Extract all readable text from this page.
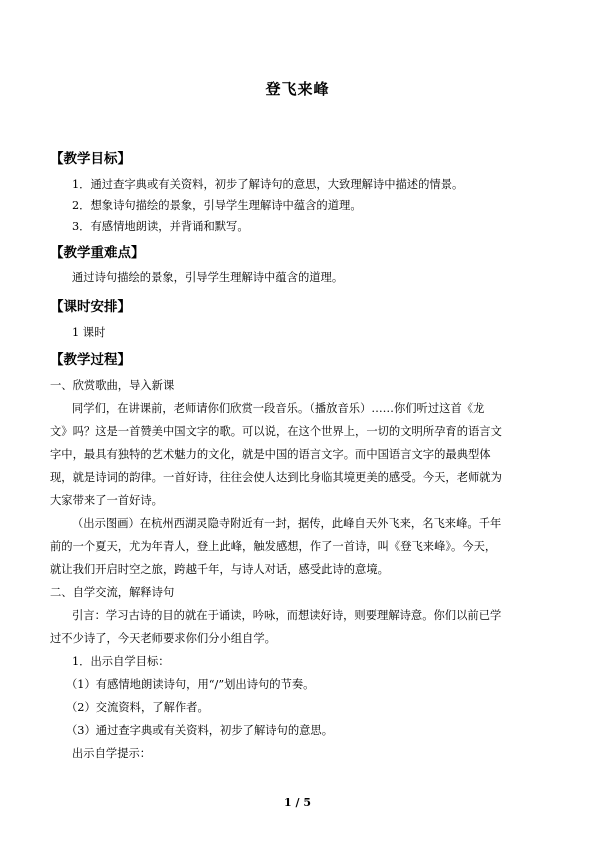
登飞来峰
【教学目标】
1．通过查字典或有关资料，初步了解诗句的意思，大致理解诗中描述的情景。
2．想象诗句描绘的景象，引导学生理解诗中蕴含的道理。
3．有感情地朗读，并背诵和默写。
【教学重难点】
通过诗句描绘的景象，引导学生理解诗中蕴含的道理。
【课时安排】
1 课时
【教学过程】
一、欣赏歌曲，导入新课
同学们，在讲课前，老师请你们欣赏一段音乐。（播放音乐）……你们听过这首《龙
文》吗？这是一首赞美中国文字的歌。可以说，在这个世界上，一切的文明所孕育的语言文
字中，最具有独特的艺术魅力的文化，就是中国的语言文字。而中国语言文字的最典型体
现，就是诗词的韵律。一首好诗，往往会使人达到比身临其境更美的感受。今天，老师就为
大家带来了一首好诗。
（出示图画）在杭州西湖灵隐寺附近有一封，据传，此峰自天外飞来，名飞来峰。千年
前的一个夏天，尤为年青人，登上此峰，触发感想，作了一首诗，叫《登飞来峰》。今天，
就让我们开启时空之旅，跨越千年，与诗人对话，感受此诗的意境。
二、自学交流，解释诗句
引言：学习古诗的目的就在于诵读，吟咏，而想读好诗，则要理解诗意。你们以前已学
过不少诗了，今天老师要求你们分小组自学。
1．出示自学目标：
（1）有感情地朗读诗句，用“/”划出诗句的节奏。
（2）交流资料，了解作者。
（3）通过查字典或有关资料，初步了解诗句的意思。
出示自学提示：
1 / 5
